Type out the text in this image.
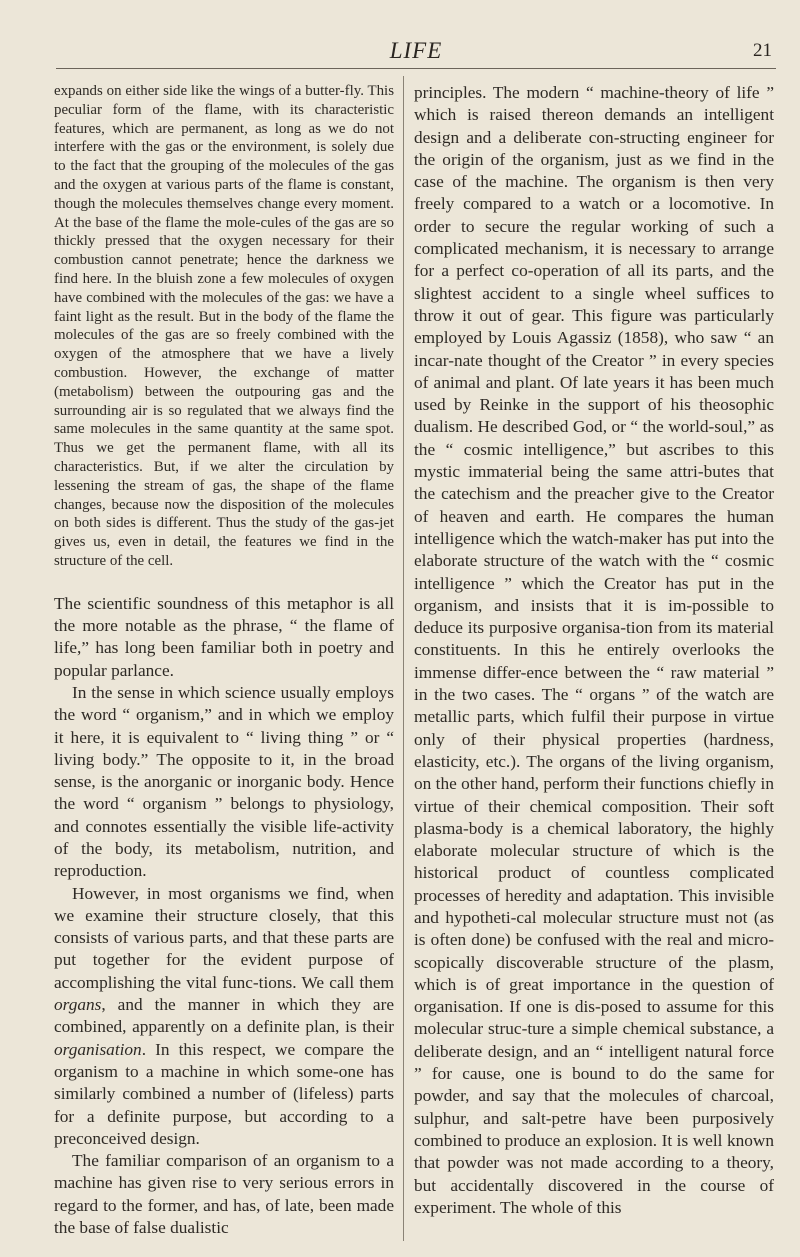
LIFE	21

expands on either side like the wings of a butter-fly. This peculiar form of the flame, with its characteristic features, which are permanent, as long as we do not interfere with the gas or the environment, is solely due to the fact that the grouping of the molecules of the gas and the oxygen at various parts of the flame is constant, though the molecules themselves change every moment. At the base of the flame the mole-cules of the gas are so thickly pressed that the oxygen necessary for their combustion cannot penetrate; hence the darkness we find here. In the bluish zone a few molecules of oxygen have combined with the molecules of the gas: we have a faint light as the result. But in the body of the flame the molecules of the gas are so freely combined with the oxygen of the atmosphere that we have a lively combustion. However, the exchange of matter (metabolism) between the outpouring gas and the surrounding air is so regulated that we always find the same molecules in the same quantity at the same spot. Thus we get the permanent flame, with all its characteristics. But, if we alter the circulation by lessening the stream of gas, the shape of the flame changes, because now the disposition of the molecules on both sides is different. Thus the study of the gas-jet gives us, even in detail, the features we find in the structure of the cell.

The scientific soundness of this metaphor is all the more notable as the phrase, “ the flame of life,” has long been familiar both in poetry and popular parlance.

In the sense in which science usually employs the word “ organism,” and in which we employ it here, it is equivalent to “ living thing ” or “ living body.” The opposite to it, in the broad sense, is the anorganic or inorganic body. Hence the word “ organism ” belongs to physiology, and connotes essentially the visible life-activity of the body, its metabolism, nutrition, and reproduction.

However, in most organisms we find, when we examine their structure closely, that this consists of various parts, and that these parts are put together for the evident purpose of accomplishing the vital func-tions. We call them organs, and the manner in which they are combined, apparently on a definite plan, is their organisation. In this respect, we compare the organism to a machine in which some-one has similarly combined a number of (lifeless) parts for a definite purpose, but according to a preconceived design.

The familiar comparison of an organism to a machine has given rise to very serious errors in regard to the former, and has, of late, been made the base of false dualistic

principles. The modern “ machine-theory of life ” which is raised thereon demands an intelligent design and a deliberate con-structing engineer for the origin of the organism, just as we find in the case of the machine. The organism is then very freely compared to a watch or a locomotive. In order to secure the regular working of such a complicated mechanism, it is necessary to arrange for a perfect co-operation of all its parts, and the slightest accident to a single wheel suffices to throw it out of gear. This figure was particularly employed by Louis Agassiz (1858), who saw “ an incar-nate thought of the Creator ” in every species of animal and plant. Of late years it has been much used by Reinke in the support of his theosophic dualism. He described God, or “ the world-soul,” as the “ cosmic intelligence,” but ascribes to this mystic immaterial being the same attri-butes that the catechism and the preacher give to the Creator of heaven and earth. He compares the human intelligence which the watch-maker has put into the elaborate structure of the watch with the “ cosmic intelligence ” which the Creator has put in the organism, and insists that it is im-possible to deduce its purposive organisa-tion from its material constituents. In this he entirely overlooks the immense differ-ence between the “ raw material ” in the two cases. The “ organs ” of the watch are metallic parts, which fulfil their purpose in virtue only of their physical properties (hardness, elasticity, etc.). The organs of the living organism, on the other hand, perform their functions chiefly in virtue of their chemical composition. Their soft plasma-body is a chemical laboratory, the highly elaborate molecular structure of which is the historical product of countless complicated processes of heredity and adaptation. This invisible and hypotheti-cal molecular structure must not (as is often done) be confused with the real and micro-scopically discoverable structure of the plasm, which is of great importance in the question of organisation. If one is dis-posed to assume for this molecular struc-ture a simple chemical substance, a deliberate design, and an “ intelligent natural force ” for cause, one is bound to do the same for powder, and say that the molecules of charcoal, sulphur, and salt-petre have been purposively combined to produce an explosion. It is well known that powder was not made according to a theory, but accidentally discovered in the course of experiment. The whole of this
